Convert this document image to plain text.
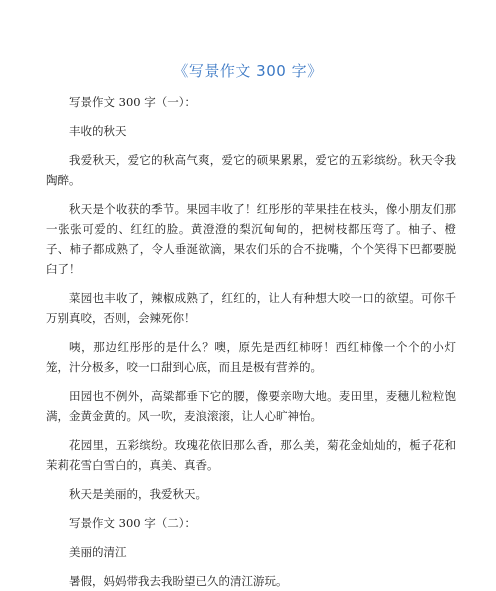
《写景作文 300 字》

写景作文 300 字（一）：

丰收的秋天

我爱秋天，爱它的秋高气爽，爱它的硕果累累，爱它的五彩缤纷。秋天令我陶醉。

秋天是个收获的季节。果园丰收了！红彤彤的苹果挂在枝头，像小朋友们那一张张可爱的、红红的脸。黄澄澄的梨沉甸甸的，把树枝都压弯了。柚子、橙子、柿子都成熟了，令人垂涎欲滴，果农们乐的合不拢嘴，个个笑得下巴都要脱臼了！

菜园也丰收了，辣椒成熟了，红红的，让人有种想大咬一口的欲望。可你千万别真咬，否则，会辣死你！

咦，那边红彤彤的是什么？噢，原先是西红柿呀！西红柿像一个个的小灯笼，汁分极多，咬一口甜到心底，而且是极有营养的。

田园也不例外，高粱都垂下它的腰，像要亲吻大地。麦田里，麦穗儿粒粒饱满，金黄金黄的。风一吹，麦浪滚滚，让人心旷神怡。

花园里，五彩缤纷。玫瑰花依旧那么香，那么美，菊花金灿灿的，栀子花和茉莉花雪白雪白的，真美、真香。

秋天是美丽的，我爱秋天。

写景作文 300 字（二）：

美丽的清江

暑假，妈妈带我去我盼望已久的清江游玩。
